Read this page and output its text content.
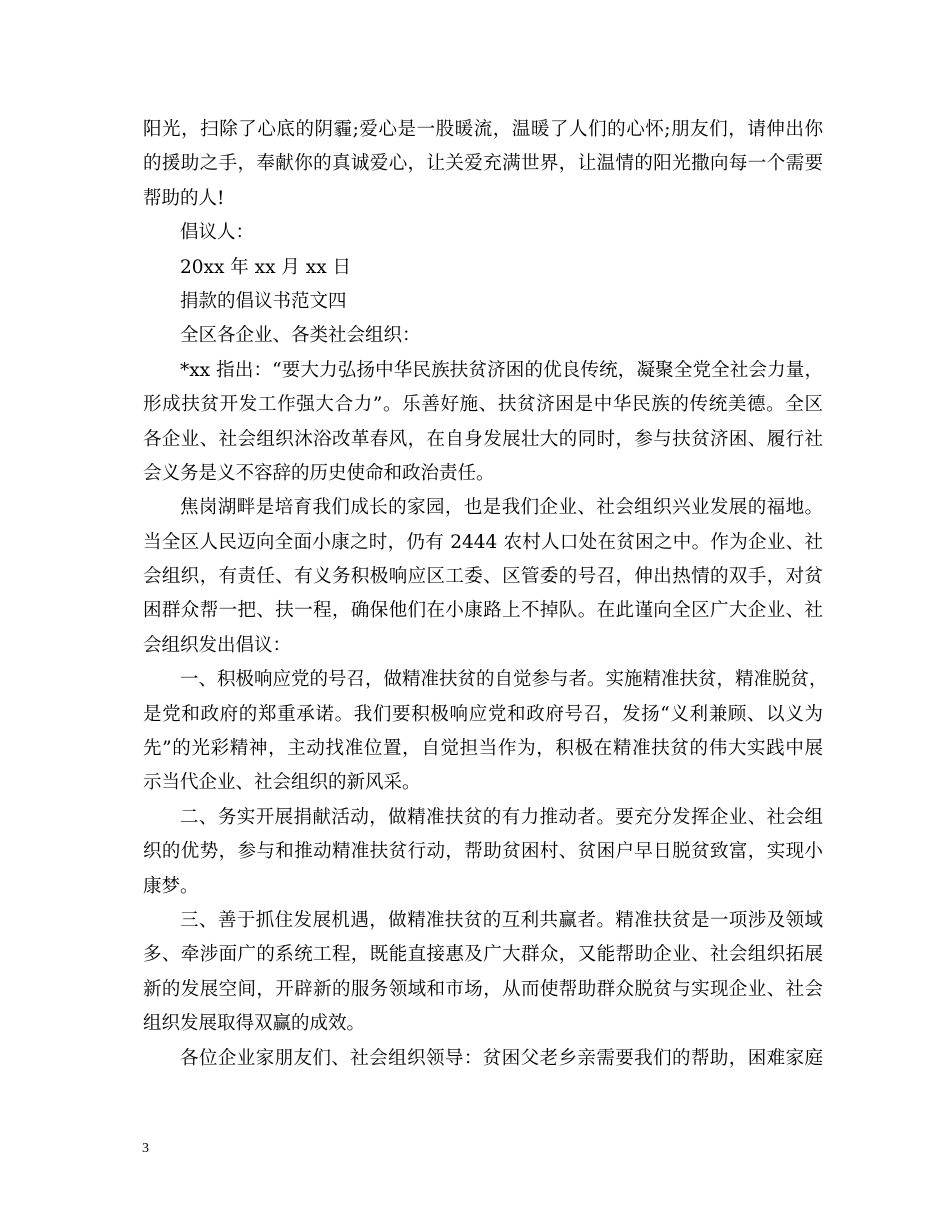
阳光，扫除了心底的阴霾;爱心是一股暖流，温暖了人们的心怀;朋友们，请伸出你
的援助之手，奉献你的真诚爱心，让关爱充满世界，让温情的阳光撒向每一个需要
帮助的人!
倡议人：
20xx 年 xx 月 xx 日
捐款的倡议书范文四
全区各企业、各类社会组织：
*xx 指出：“要大力弘扬中华民族扶贫济困的优良传统，凝聚全党全社会力量，
形成扶贫开发工作强大合力”。乐善好施、扶贫济困是中华民族的传统美德。全区
各企业、社会组织沐浴改革春风，在自身发展壮大的同时，参与扶贫济困、履行社
会义务是义不容辞的历史使命和政治责任。
焦岗湖畔是培育我们成长的家园，也是我们企业、社会组织兴业发展的福地。
当全区人民迈向全面小康之时，仍有 2444 农村人口处在贫困之中。作为企业、社
会组织，有责任、有义务积极响应区工委、区管委的号召，伸出热情的双手，对贫
困群众帮一把、扶一程，确保他们在小康路上不掉队。在此谨向全区广大企业、社
会组织发出倡议：
一、积极响应党的号召，做精准扶贫的自觉参与者。实施精准扶贫，精准脱贫，
是党和政府的郑重承诺。我们要积极响应党和政府号召，发扬“义利兼顾、以义为
先”的光彩精神，主动找准位置，自觉担当作为，积极在精准扶贫的伟大实践中展
示当代企业、社会组织的新风采。
二、务实开展捐献活动，做精准扶贫的有力推动者。要充分发挥企业、社会组
织的优势，参与和推动精准扶贫行动，帮助贫困村、贫困户早日脱贫致富，实现小
康梦。
三、善于抓住发展机遇，做精准扶贫的互利共赢者。精准扶贫是一项涉及领域
多、牵涉面广的系统工程，既能直接惠及广大群众，又能帮助企业、社会组织拓展
新的发展空间，开辟新的服务领域和市场，从而使帮助群众脱贫与实现企业、社会
组织发展取得双赢的成效。
各位企业家朋友们、社会组织领导：贫困父老乡亲需要我们的帮助，困难家庭
3
